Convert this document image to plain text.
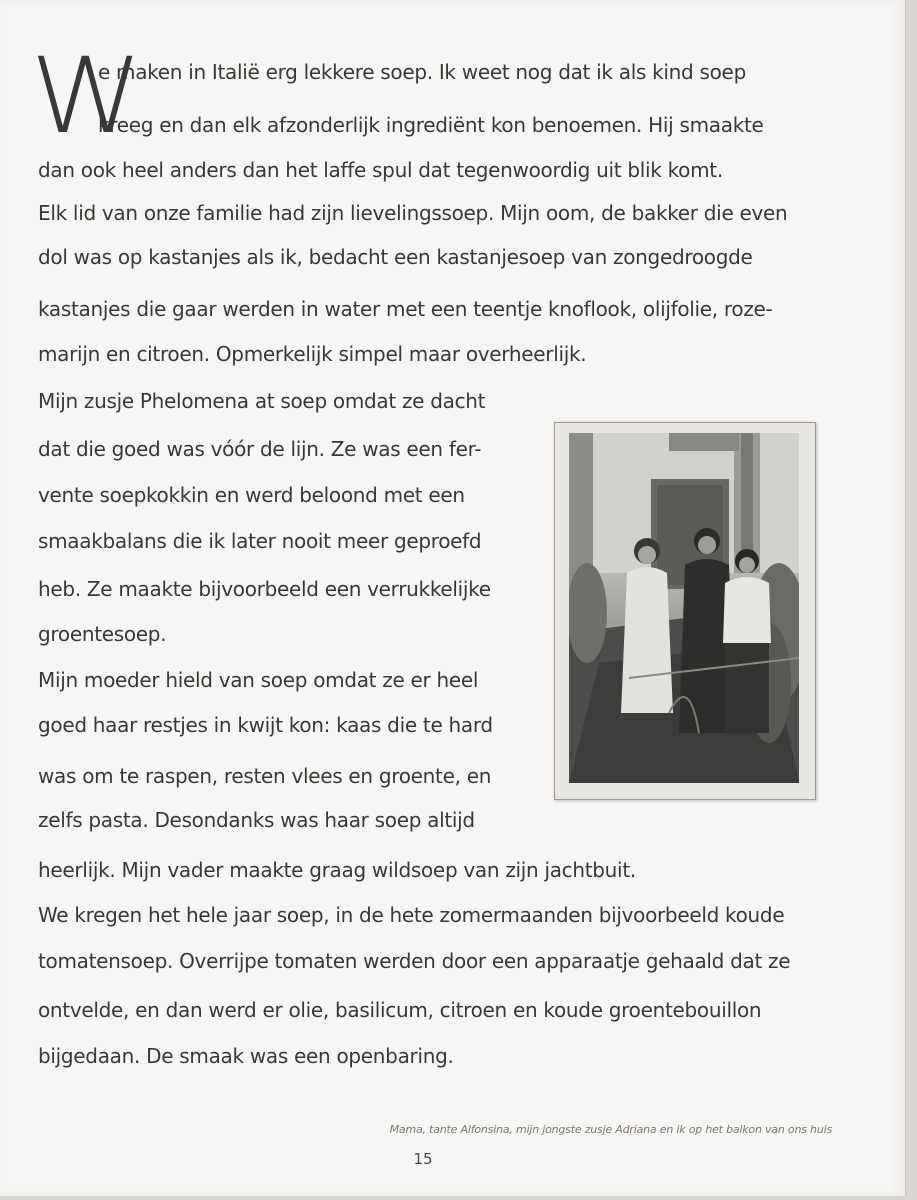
W
e maken in Italië erg lekkere soep. Ik weet nog dat ik als kind soep
kreeg en dan elk afzonderlijk ingrediënt kon benoemen. Hij smaakte
dan ook heel anders dan het laffe spul dat tegenwoordig uit blik komt.
Elk lid van onze familie had zijn lievelingssoep. Mijn oom, de bakker die even
dol was op kastanjes als ik, bedacht een kastanjesoep van zongedroogde
kastanjes die gaar werden in water met een teentje knoflook, olijfolie, roze-
marijn en citroen. Opmerkelijk simpel maar overheerlijk.
Mijn zusje Phelomena at soep omdat ze dacht
dat die goed was vóór de lijn. Ze was een fer-
vente soepkokkin en werd beloond met een
smaakbalans die ik later nooit meer geproefd
heb. Ze maakte bijvoorbeeld een verrukkelijke
groentesoep.
Mijn moeder hield van soep omdat ze er heel
goed haar restjes in kwijt kon: kaas die te hard
was om te raspen, resten vlees en groente, en
zelfs pasta. Desondanks was haar soep altijd
heerlijk. Mijn vader maakte graag wildsoep van zijn jachtbuit.
We kregen het hele jaar soep, in de hete zomermaanden bijvoorbeeld koude
tomatensoep. Overrijpe tomaten werden door een apparaatje gehaald dat ze
ontvelde, en dan werd er olie, basilicum, citroen en koude groentebouillon
bijgedaan. De smaak was een openbaring.
Mama, tante Alfonsina, mijn jongste zusje Adriana en ik op het balkon van ons huis
15
